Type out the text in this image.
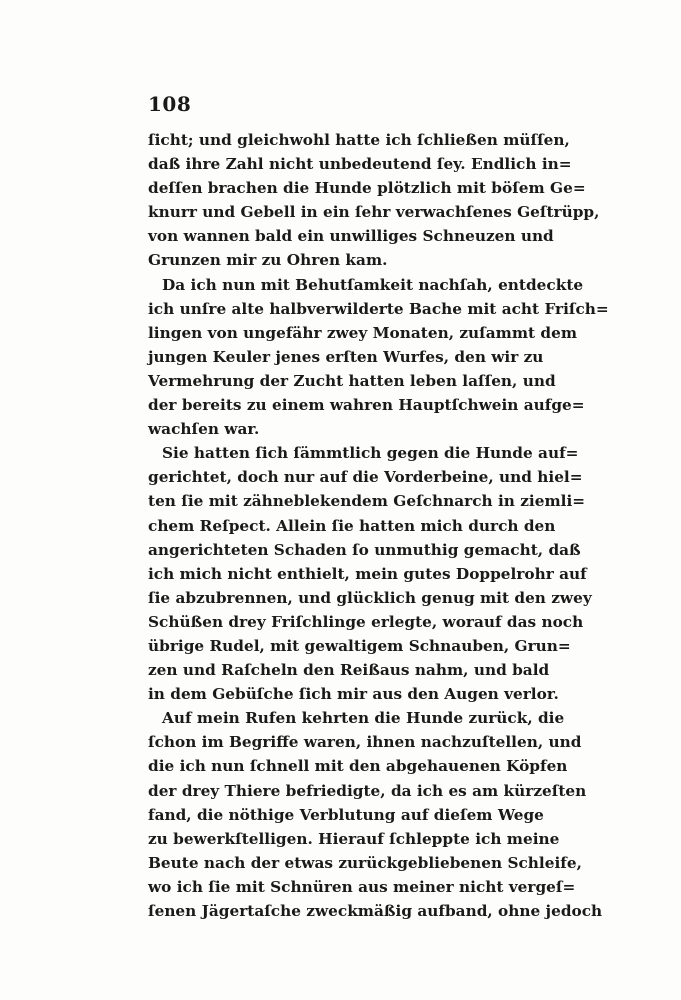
108
ſicht; und gleichwohl hatte ich ſchließen müſſen,
daß ihre Zahl nicht unbedeutend ſey. Endlich in=
deſſen brachen die Hunde plötzlich mit böſem Ge=
knurr und Gebell in ein ſehr verwachſenes Geſtrüpp,
von wannen bald ein unwilliges Schneuzen und
Grunzen mir zu Ohren kam.
Da ich nun mit Behutſamkeit nachſah, entdeckte
ich unſre alte halbverwilderte Bache mit acht Friſch=
lingen von ungefähr zwey Monaten, zuſammt dem
jungen Keuler jenes erſten Wurfes, den wir zu
Vermehrung der Zucht hatten leben laſſen, und
der bereits zu einem wahren Hauptſchwein aufge=
wachſen war.
Sie hatten ſich ſämmtlich gegen die Hunde auf=
gerichtet, doch nur auf die Vorderbeine, und hiel=
ten ſie mit zähneblekendem Geſchnarch in ziemli=
chem Reſpect. Allein ſie hatten mich durch den
angerichteten Schaden ſo unmuthig gemacht, daß
ich mich nicht enthielt, mein gutes Doppelrohr auf
ſie abzubrennen, und glücklich genug mit den zwey
Schüßen drey Friſchlinge erlegte, worauf das noch
übrige Rudel, mit gewaltigem Schnauben, Grun=
zen und Raſcheln den Reißaus nahm, und bald
in dem Gebüſche ſich mir aus den Augen verlor.
Auf mein Rufen kehrten die Hunde zurück, die
ſchon im Begriffe waren, ihnen nachzuſtellen, und
die ich nun ſchnell mit den abgehauenen Köpfen
der drey Thiere befriedigte, da ich es am kürzeſten
fand, die nöthige Verblutung auf dieſem Wege
zu bewerkſtelligen. Hierauf ſchleppte ich meine
Beute nach der etwas zurückgebliebenen Schleife,
wo ich ſie mit Schnüren aus meiner nicht vergeſ=
ſenen Jägertaſche zweckmäßig aufband, ohne jedoch
